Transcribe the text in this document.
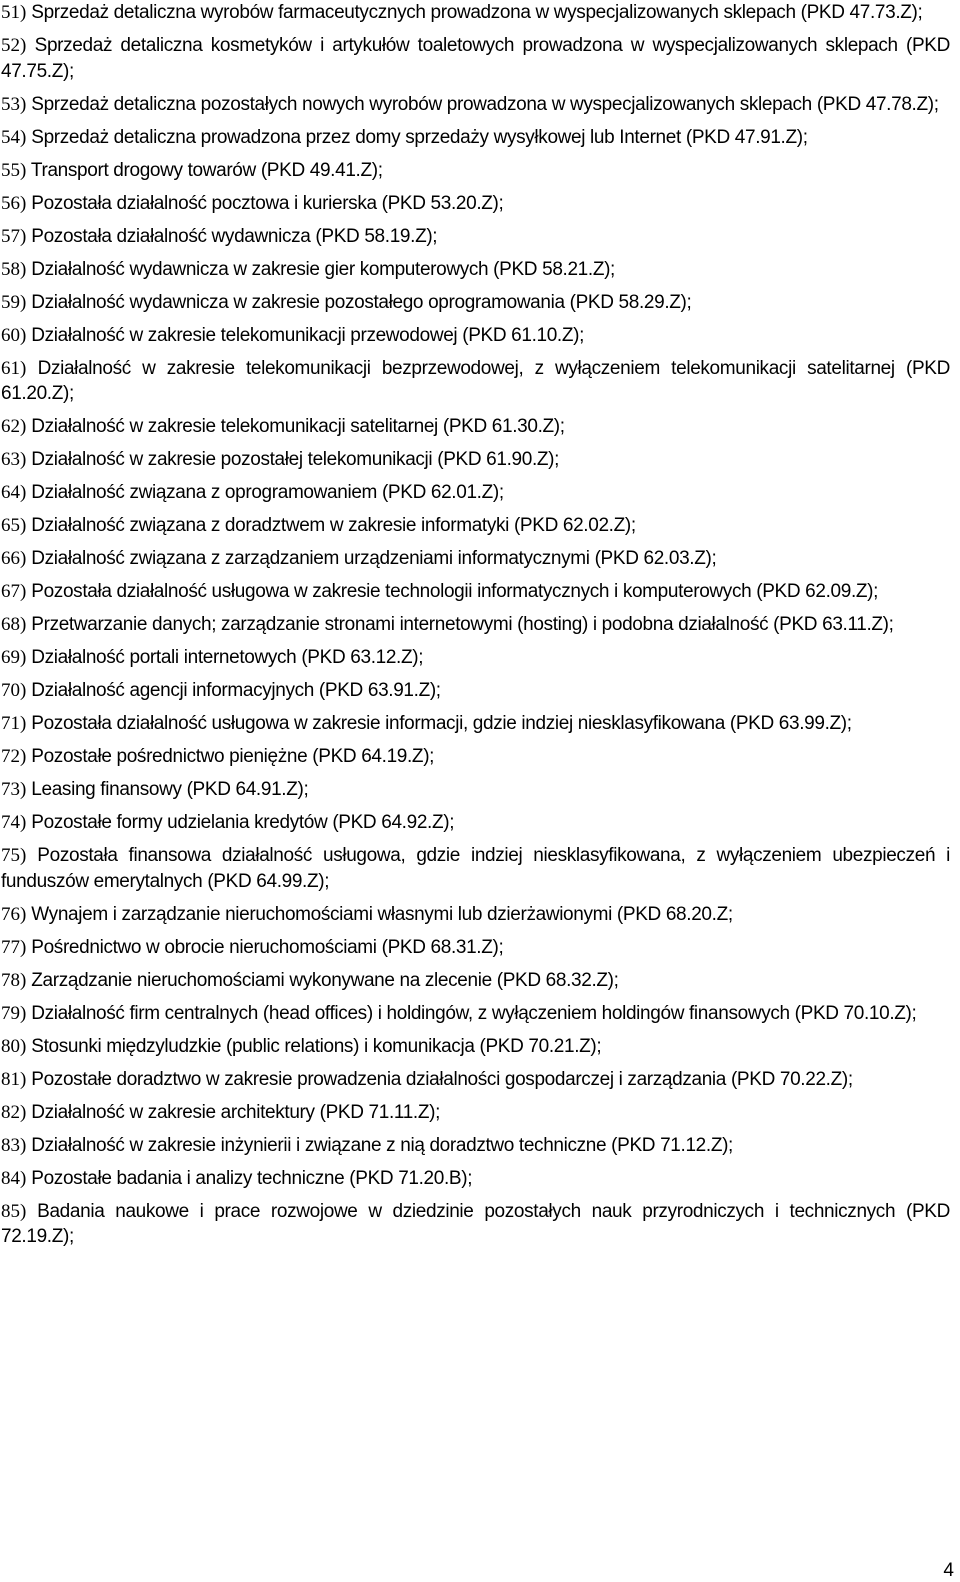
51) Sprzedaż detaliczna wyrobów farmaceutycznych prowadzona w wyspecjalizowanych sklepach (PKD 47.73.Z);
52) Sprzedaż detaliczna kosmetyków i artykułów toaletowych prowadzona w wyspecjalizowanych sklepach (PKD 47.75.Z);
53) Sprzedaż detaliczna pozostałych nowych wyrobów prowadzona w wyspecjalizowanych sklepach (PKD 47.78.Z);
54) Sprzedaż detaliczna prowadzona przez domy sprzedaży wysyłkowej lub Internet (PKD 47.91.Z);
55) Transport drogowy towarów (PKD 49.41.Z);
56) Pozostała działalność pocztowa i kurierska (PKD 53.20.Z);
57) Pozostała działalność wydawnicza (PKD 58.19.Z);
58) Działalność wydawnicza w zakresie gier komputerowych (PKD 58.21.Z);
59) Działalność wydawnicza w zakresie pozostałego oprogramowania (PKD 58.29.Z);
60) Działalność w zakresie telekomunikacji przewodowej (PKD 61.10.Z);
61) Działalność w zakresie telekomunikacji bezprzewodowej, z wyłączeniem telekomunikacji satelitarnej (PKD 61.20.Z);
62) Działalność w zakresie telekomunikacji satelitarnej (PKD 61.30.Z);
63) Działalność w zakresie pozostałej telekomunikacji (PKD 61.90.Z);
64) Działalność związana z oprogramowaniem (PKD 62.01.Z);
65) Działalność związana z doradztwem w zakresie informatyki (PKD 62.02.Z);
66) Działalność związana z zarządzaniem urządzeniami informatycznymi (PKD 62.03.Z);
67) Pozostała działalność usługowa w zakresie technologii informatycznych i komputerowych (PKD 62.09.Z);
68) Przetwarzanie danych; zarządzanie stronami internetowymi (hosting) i podobna działalność (PKD 63.11.Z);
69) Działalność portali internetowych (PKD 63.12.Z);
70) Działalność agencji informacyjnych (PKD 63.91.Z);
71) Pozostała działalność usługowa w zakresie informacji, gdzie indziej niesklasyfikowana (PKD 63.99.Z);
72) Pozostałe pośrednictwo pieniężne (PKD 64.19.Z);
73) Leasing finansowy (PKD 64.91.Z);
74) Pozostałe formy udzielania kredytów (PKD 64.92.Z);
75) Pozostała finansowa działalność usługowa, gdzie indziej niesklasyfikowana, z wyłączeniem ubezpieczeń i funduszów emerytalnych (PKD 64.99.Z);
76) Wynajem i zarządzanie nieruchomościami własnymi lub dzierżawionymi (PKD 68.20.Z;
77) Pośrednictwo w obrocie nieruchomościami (PKD 68.31.Z);
78) Zarządzanie nieruchomościami wykonywane na zlecenie (PKD 68.32.Z);
79) Działalność firm centralnych (head offices) i holdingów, z wyłączeniem holdingów finansowych (PKD 70.10.Z);
80) Stosunki międzyludzkie (public relations) i komunikacja (PKD 70.21.Z);
81) Pozostałe doradztwo w zakresie prowadzenia działalności gospodarczej i zarządzania (PKD 70.22.Z);
82) Działalność w zakresie architektury (PKD 71.11.Z);
83) Działalność w zakresie inżynierii i związane z nią doradztwo techniczne (PKD 71.12.Z);
84) Pozostałe badania i analizy techniczne (PKD 71.20.B);
85) Badania naukowe i prace rozwojowe w dziedzinie pozostałych nauk przyrodniczych i technicznych (PKD 72.19.Z);
4
